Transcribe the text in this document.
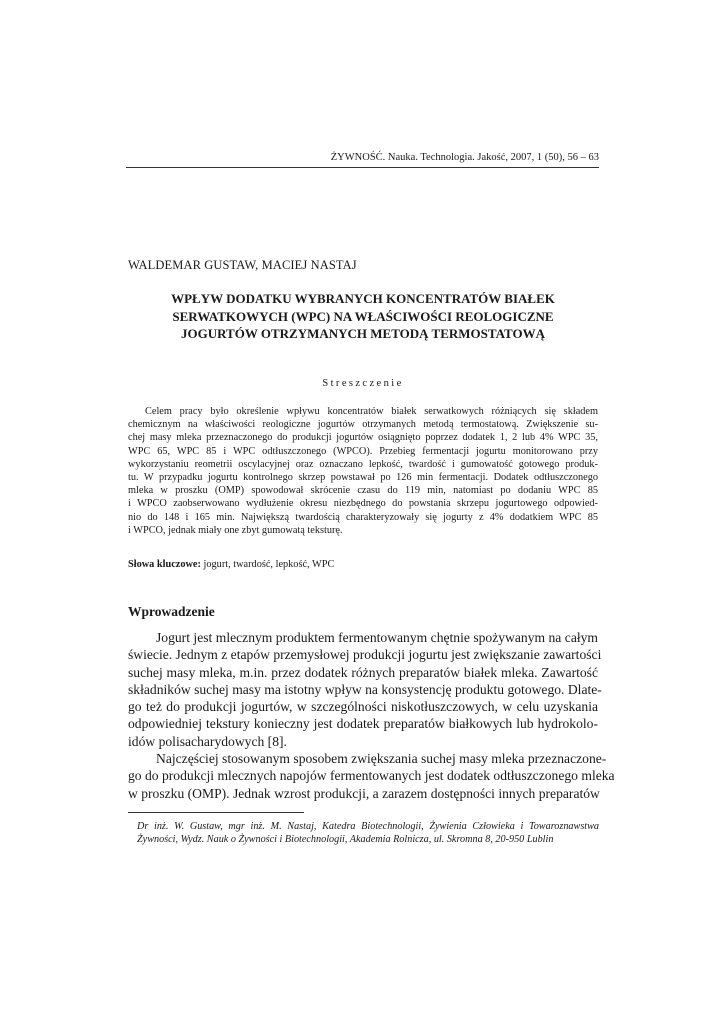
ŻYWNOŚĆ. Nauka. Technologia. Jakość, 2007, 1 (50), 56 – 63
WALDEMAR GUSTAW, MACIEJ NASTAJ
WPŁYW DODATKU WYBRANYCH KONCENTRATÓW BIAŁEK
SERWATKOWYCH (WPC) NA WŁAŚCIWOŚCI REOLOGICZNE
JOGURTÓW OTRZYMANYCH METODĄ TERMOSTATOWĄ
Streszczenie
Celem pracy było określenie wpływu koncentratów białek serwatkowych różniących się składem
chemicznym na właściwości reologiczne jogurtów otrzymanych metodą termostatową. Zwiększenie su-
chej masy mleka przeznaczonego do produkcji jogurtów osiągnięto poprzez dodatek 1, 2 lub 4% WPC 35,
WPC 65, WPC 85 i WPC odtłuszczonego (WPCO). Przebieg fermentacji jogurtu monitorowano przy
wykorzystaniu reometrii oscylacyjnej oraz oznaczano lepkość, twardość i gumowatość gotowego produk-
tu. W przypadku jogurtu kontrolnego skrzep powstawał po 126 min fermentacji. Dodatek odtłuszczonego
mleka w proszku (OMP) spowodował skrócenie czasu do 119 min, natomiast po dodaniu WPC 85
i WPCO zaobserwowano wydłużenie okresu niezbędnego do powstania skrzepu jogurtowego odpowied-
nio do 148 i 165 min. Największą twardością charakteryzowały się jogurty z 4% dodatkiem WPC 85
i WPCO, jednak miały one zbyt gumowatą teksturę.
Słowa kluczowe: jogurt, twardość, lepkość, WPC
Wprowadzenie
Jogurt jest mlecznym produktem fermentowanym chętnie spożywanym na całym
świecie. Jednym z etapów przemysłowej produkcji jogurtu jest zwiększanie zawartości
suchej masy mleka, m.in. przez dodatek różnych preparatów białek mleka. Zawartość
składników suchej masy ma istotny wpływ na konsystencję produktu gotowego. Dlate-
go też do produkcji jogurtów, w szczególności niskotłuszczowych, w celu uzyskania
odpowiedniej tekstury konieczny jest dodatek preparatów białkowych lub hydrokolo-
idów polisacharydowych [8].
Najczęściej stosowanym sposobem zwiększania suchej masy mleka przeznaczone-
go do produkcji mlecznych napojów fermentowanych jest dodatek odtłuszczonego mleka
w proszku (OMP). Jednak wzrost produkcji, a zarazem dostępności innych preparatów
Dr inż. W. Gustaw, mgr inż. M. Nastaj, Katedra Biotechnologii, Żywienia Człowieka i Towaroznawstwa
Żywności, Wydz. Nauk o Żywności i Biotechnologii, Akademia Rolnicza, ul. Skromna 8, 20-950 Lublin
